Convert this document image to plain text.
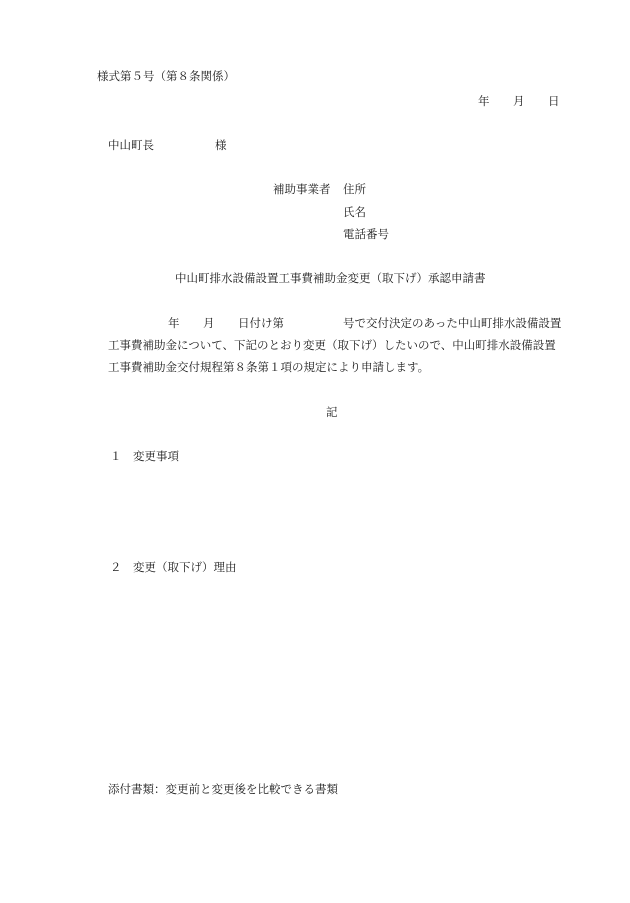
様式第５号（第８条関係）
年 月 日
中山町長	様
補助事業者 住所
氏名
電話番号
中山町排水設備設置工事費補助金変更（取下げ）承認申請書
年 月 日付け第	号で交付決定のあった中山町排水設備設置
工事費補助金について、下記のとおり変更（取下げ）したいので、中山町排水設備設置
工事費補助金交付規程第８条第１項の規定により申請します。
記
１ 変更事項
２ 変更（取下げ）理由
添付書類：変更前と変更後を比較できる書類
